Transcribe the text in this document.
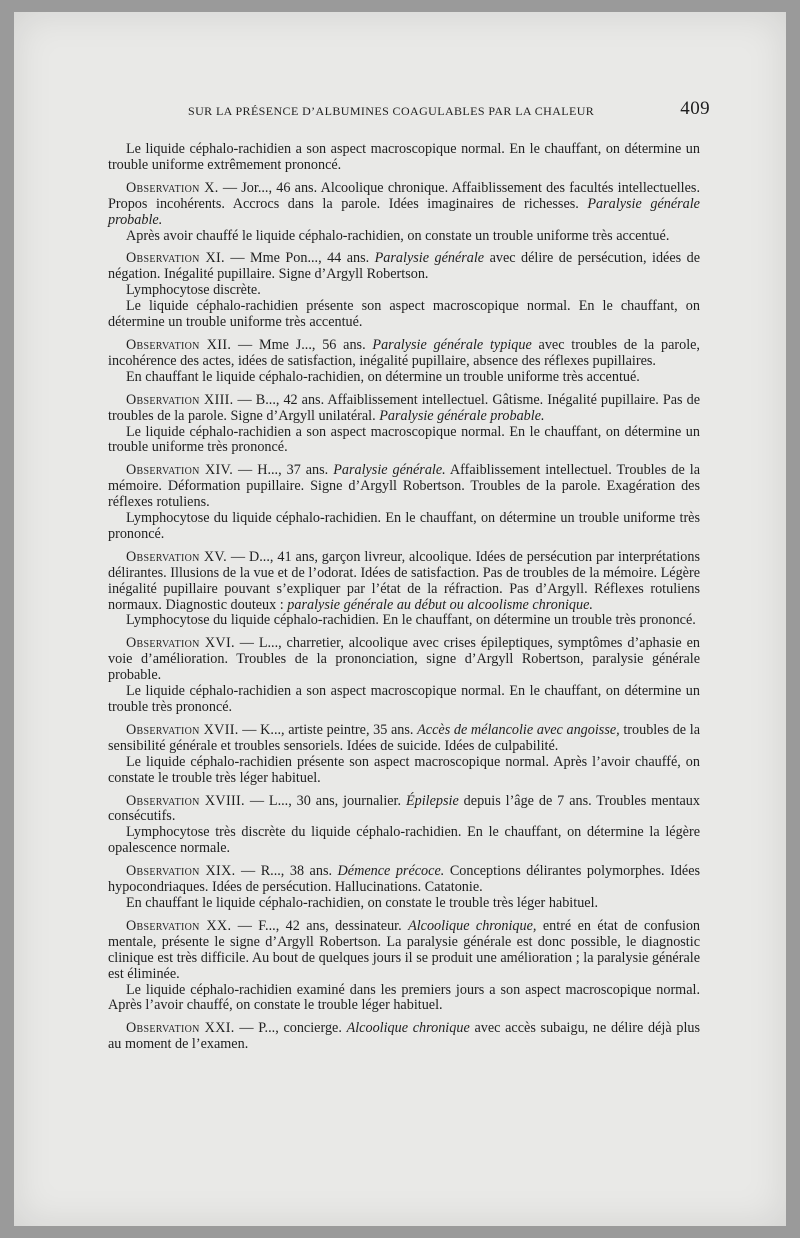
SUR LA PRÉSENCE D’ALBUMINES COAGULABLES PAR LA CHALEUR	409

Le liquide céphalo-rachidien a son aspect macroscopique normal. En le chauffant, on détermine un trouble uniforme extrêmement prononcé.

Observation X. — Jor..., 46 ans. Alcoolique chronique. Affaiblissement des facultés intellectuelles. Propos incohérents. Accrocs dans la parole. Idées imaginaires de richesses. Paralysie générale probable.

Après avoir chauffé le liquide céphalo-rachidien, on constate un trouble uniforme très accentué.

Observation XI. — Mme Pon..., 44 ans. Paralysie générale avec délire de persécution, idées de négation. Inégalité pupillaire. Signe d’Argyll Robertson.

Lymphocytose discrète.

Le liquide céphalo-rachidien présente son aspect macroscopique normal. En le chauffant, on détermine un trouble uniforme très accentué.

Observation XII. — Mme J..., 56 ans. Paralysie générale typique avec troubles de la parole, incohérence des actes, idées de satisfaction, inégalité pupillaire, absence des réflexes pupillaires.

En chauffant le liquide céphalo-rachidien, on détermine un trouble uniforme très accentué.

Observation XIII. — B..., 42 ans. Affaiblissement intellectuel. Gâtisme. Inégalité pupillaire. Pas de troubles de la parole. Signe d’Argyll unilatéral. Paralysie générale probable.

Le liquide céphalo-rachidien a son aspect macroscopique normal. En le chauffant, on détermine un trouble uniforme très prononcé.

Observation XIV. — H..., 37 ans. Paralysie générale. Affaiblissement intellectuel. Troubles de la mémoire. Déformation pupillaire. Signe d’Argyll Robertson. Troubles de la parole. Exagération des réflexes rotuliens.

Lymphocytose du liquide céphalo-rachidien. En le chauffant, on détermine un trouble uniforme très prononcé.

Observation XV. — D..., 41 ans, garçon livreur, alcoolique. Idées de persécution par interprétations délirantes. Illusions de la vue et de l’odorat. Idées de satisfaction. Pas de troubles de la mémoire. Légère inégalité pupillaire pouvant s’expliquer par l’état de la réfraction. Pas d’Argyll. Réflexes rotuliens normaux. Diagnostic douteux : paralysie générale au début ou alcoolisme chronique.

Lymphocytose du liquide céphalo-rachidien. En le chauffant, on détermine un trouble très prononcé.

Observation XVI. — L..., charretier, alcoolique avec crises épileptiques, symptômes d’aphasie en voie d’amélioration. Troubles de la prononciation, signe d’Argyll Robertson, paralysie générale probable.

Le liquide céphalo-rachidien a son aspect macroscopique normal. En le chauffant, on détermine un trouble très prononcé.

Observation XVII. — K..., artiste peintre, 35 ans. Accès de mélancolie avec angoisse, troubles de la sensibilité générale et troubles sensoriels. Idées de suicide. Idées de culpabilité.

Le liquide céphalo-rachidien présente son aspect macroscopique normal. Après l’avoir chauffé, on constate le trouble très léger habituel.

Observation XVIII. — L..., 30 ans, journalier. Épilepsie depuis l’âge de 7 ans. Troubles mentaux consécutifs.

Lymphocytose très discrète du liquide céphalo-rachidien. En le chauffant, on détermine la légère opalescence normale.

Observation XIX. — R..., 38 ans. Démence précoce. Conceptions délirantes polymorphes. Idées hypocondriaques. Idées de persécution. Hallucinations. Catatonie.

En chauffant le liquide céphalo-rachidien, on constate le trouble très léger habituel.

Observation XX. — F..., 42 ans, dessinateur. Alcoolique chronique, entré en état de confusion mentale, présente le signe d’Argyll Robertson. La paralysie générale est donc possible, le diagnostic clinique est très difficile. Au bout de quelques jours il se produit une amélioration ; la paralysie générale est éliminée.

Le liquide céphalo-rachidien examiné dans les premiers jours a son aspect macroscopique normal. Après l’avoir chauffé, on constate le trouble léger habituel.

Observation XXI. — P..., concierge. Alcoolique chronique avec accès subaigu, ne délire déjà plus au moment de l’examen.
